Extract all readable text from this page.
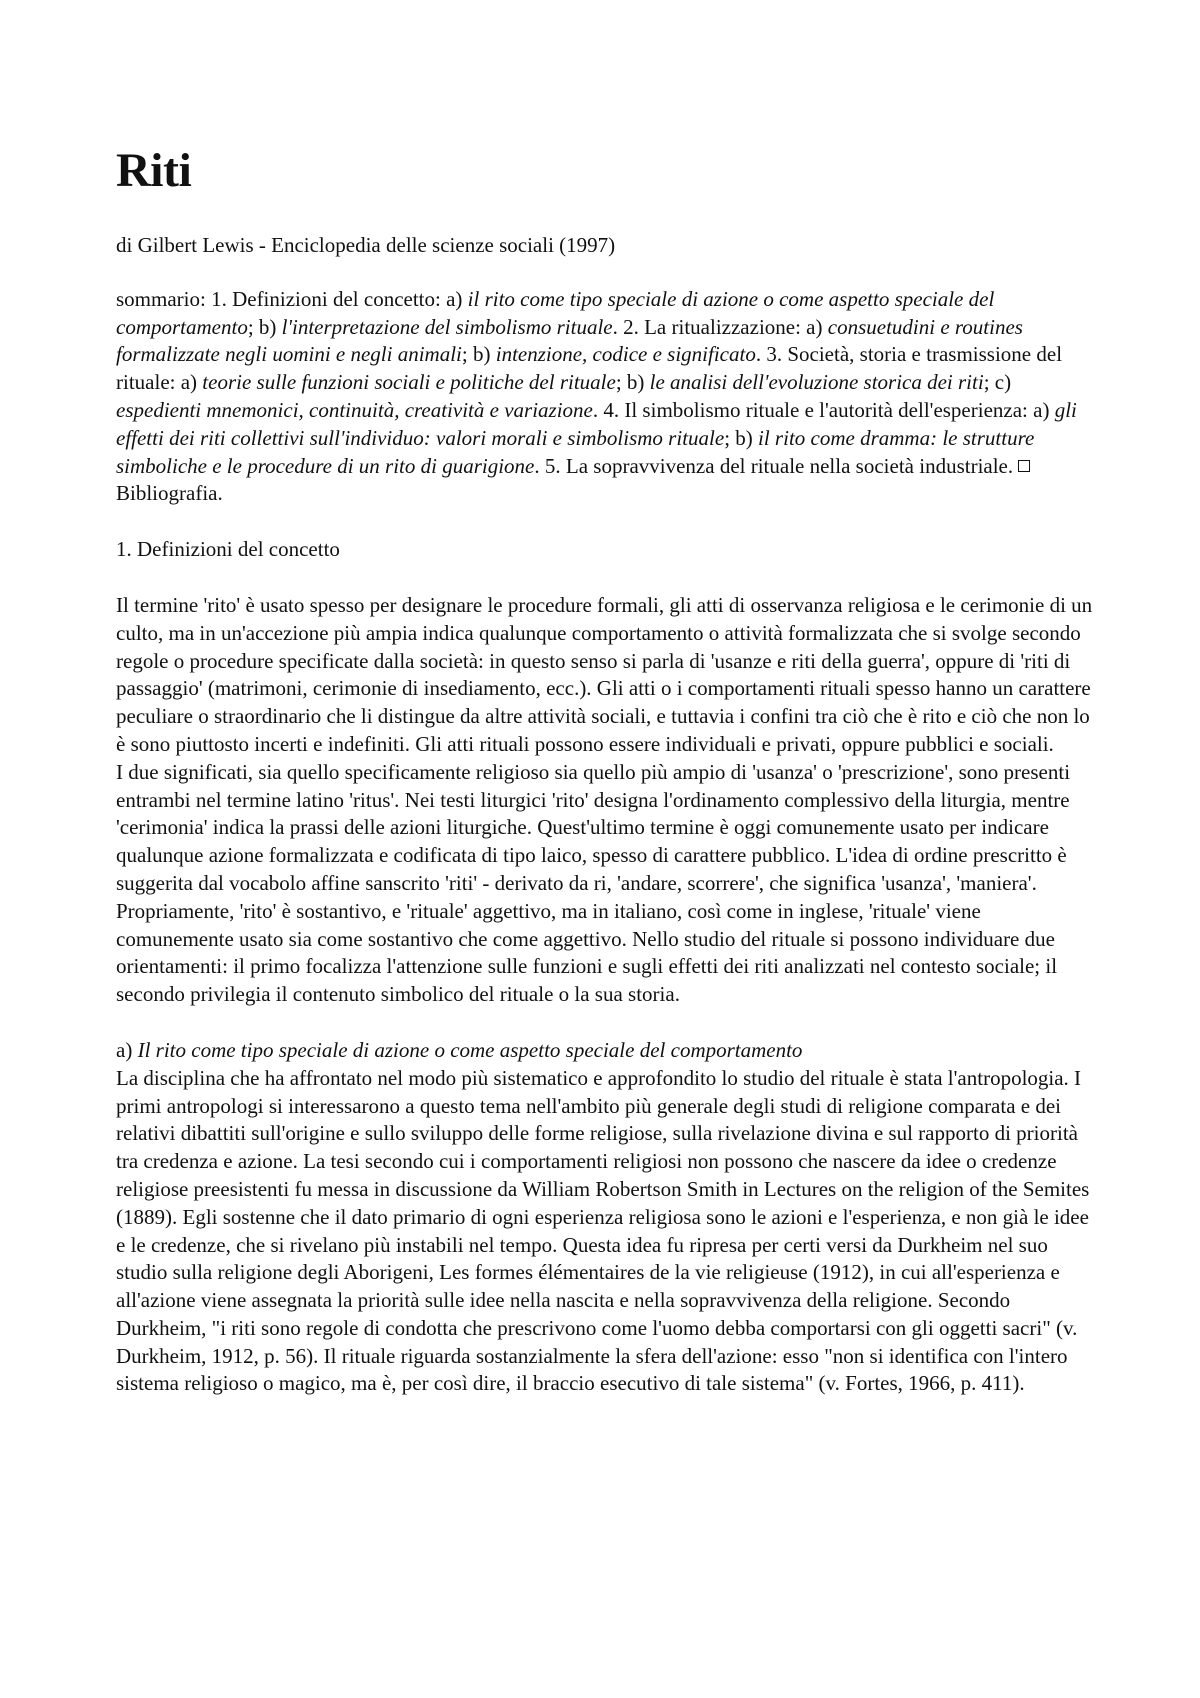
Riti

di Gilbert Lewis - Enciclopedia delle scienze sociali (1997)

sommario: 1. Definizioni del concetto: a) il rito come tipo speciale di azione o come aspetto speciale del comportamento; b) l'interpretazione del simbolismo rituale. 2. La ritualizzazione: a) consuetudini e routines formalizzate negli uomini e negli animali; b) intenzione, codice e significato. 3. Società, storia e trasmissione del rituale: a) teorie sulle funzioni sociali e politiche del rituale; b) le analisi dell'evoluzione storica dei riti; c) espedienti mnemonici, continuità, creatività e variazione. 4. Il simbolismo rituale e l'autorità dell'esperienza: a) gli effetti dei riti collettivi sull'individuo: valori morali e simbolismo rituale; b) il rito come dramma: le strutture simboliche e le procedure di un rito di guarigione. 5. La sopravvivenza del rituale nella società industriale.  Bibliografia.

1. Definizioni del concetto

Il termine 'rito' è usato spesso per designare le procedure formali, gli atti di osservanza religiosa e le cerimonie di un culto, ma in un'accezione più ampia indica qualunque comportamento o attività formalizzata che si svolge secondo regole o procedure specificate dalla società: in questo senso si parla di 'usanze e riti della guerra', oppure di 'riti di passaggio' (matrimoni, cerimonie di insediamento, ecc.). Gli atti o i comportamenti rituali spesso hanno un carattere peculiare o straordinario che li distingue da altre attività sociali, e tuttavia i confini tra ciò che è rito e ciò che non lo è sono piuttosto incerti e indefiniti. Gli atti rituali possono essere individuali e privati, oppure pubblici e sociali.

I due significati, sia quello specificamente religioso sia quello più ampio di 'usanza' o 'prescrizione', sono presenti entrambi nel termine latino 'ritus'. Nei testi liturgici 'rito' designa l'ordinamento complessivo della liturgia, mentre 'cerimonia' indica la prassi delle azioni liturgiche. Quest'ultimo termine è oggi comunemente usato per indicare qualunque azione formalizzata e codificata di tipo laico, spesso di carattere pubblico. L'idea di ordine prescritto è suggerita dal vocabolo affine sanscrito 'riti' - derivato da ri, 'andare, scorrere', che significa 'usanza', 'maniera'. Propriamente, 'rito' è sostantivo, e 'rituale' aggettivo, ma in italiano, così come in inglese, 'rituale' viene comunemente usato sia come sostantivo che come aggettivo. Nello studio del rituale si possono individuare due orientamenti: il primo focalizza l'attenzione sulle funzioni e sugli effetti dei riti analizzati nel contesto sociale; il secondo privilegia il contenuto simbolico del rituale o la sua storia.

a) Il rito come tipo speciale di azione o come aspetto speciale del comportamento

La disciplina che ha affrontato nel modo più sistematico e approfondito lo studio del rituale è stata l'antropologia. I primi antropologi si interessarono a questo tema nell'ambito più generale degli studi di religione comparata e dei relativi dibattiti sull'origine e sullo sviluppo delle forme religiose, sulla rivelazione divina e sul rapporto di priorità tra credenza e azione. La tesi secondo cui i comportamenti religiosi non possono che nascere da idee o credenze religiose preesistenti fu messa in discussione da William Robertson Smith in Lectures on the religion of the Semites (1889). Egli sostenne che il dato primario di ogni esperienza religiosa sono le azioni e l'esperienza, e non già le idee e le credenze, che si rivelano più instabili nel tempo. Questa idea fu ripresa per certi versi da Durkheim nel suo studio sulla religione degli Aborigeni, Les formes élémentaires de la vie religieuse (1912), in cui all'esperienza e all'azione viene assegnata la priorità sulle idee nella nascita e nella sopravvivenza della religione. Secondo Durkheim, "i riti sono regole di condotta che prescrivono come l'uomo debba comportarsi con gli oggetti sacri" (v. Durkheim, 1912, p. 56). Il rituale riguarda sostanzialmente la sfera dell'azione: esso "non si identifica con l'intero sistema religioso o magico, ma è, per così dire, il braccio esecutivo di tale sistema" (v. Fortes, 1966, p. 411).
